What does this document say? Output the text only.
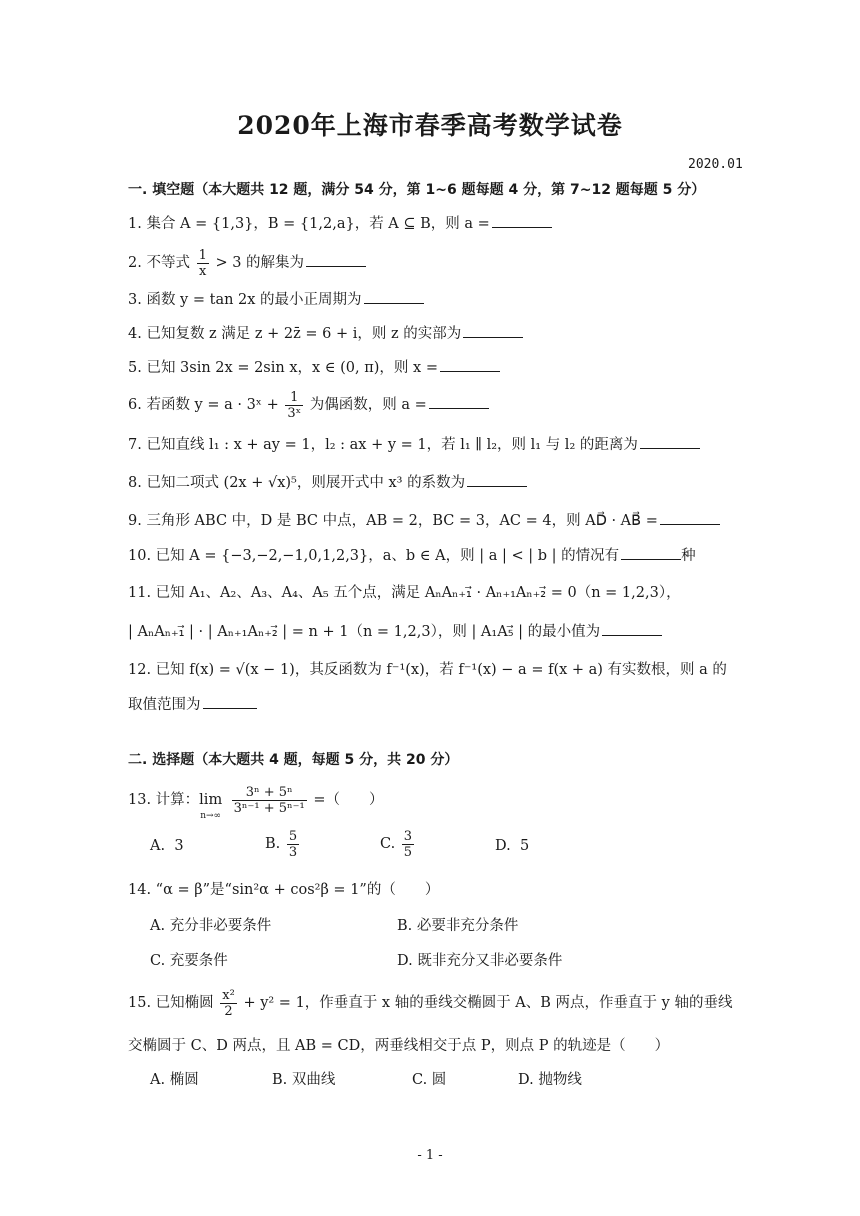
2020年上海市春季高考数学试卷
2020.01
一. 填空题（本大题共 12 题，满分 54 分，第 1~6 题每题 4 分，第 7~12 题每题 5 分）
1. 集合 A = {1,3}，B = {1,2,a}，若 A ⊆ B，则 a =
2. 不等式 $\frac{1}{x} > 3$ 的解集为
3. 函数 y = tan 2x 的最小正周期为
4. 已知复数 z 满足 z + 2z̄ = 6 + i，则 z 的实部为
5. 已知 3sin 2x = 2sin x，x ∈ (0, π)，则 x =
6. 若函数 y = a · 3ˣ + $\frac{1}{\text{3ˣ}}$ 为偶函数，则 a =
7. 已知直线 l₁ : x + ay = 1，l₂ : ax + y = 1，若 l₁ ∥ l₂，则 l₁ 与 l₂ 的距离为
8. 已知二项式 (2x + √x)⁵，则展开式中 x³ 的系数为
9. 三角形 ABC 中，D 是 BC 中点，AB = 2，BC = 3，AC = 4，则 AD⃗ · AB⃗ =
10. 已知 A = {−3,−2,−1,0,1,2,3}，a、b ∈ A，则 | a | < | b | 的情况有	种
11. 已知 A₁、A₂、A₃、A₄、A₅ 五个点，满足 AₙAₙ₊₁⃗ · Aₙ₊₁Aₙ₊₂⃗ = 0（n = 1,2,3），
| AₙAₙ₊₁⃗ | · | Aₙ₊₁Aₙ₊₂⃗ | = n + 1（n = 1,2,3），则 | A₁A₅⃗ | 的最小值为
12. 已知 f(x) = √(x − 1)，其反函数为 f⁻¹(x)，若 f⁻¹(x) − a = f(x + a) 有实数根，则 a 的
取值范围为
二. 选择题（本大题共 4 题，每题 5 分，共 20 分）
13. 计算：limn→∞
$\frac{\text{3ⁿ + 5ⁿ}}{\text{3ⁿ⁻¹ + 5ⁿ⁻¹}}$ =（　　）
A. 3	B. $\frac{5}{3}$	C. $\frac{3}{5}$	D. 5
14. “α = β”是“sin²α + cos²β = 1”的（　　）
A. 充分非必要条件	B. 必要非充分条件
C. 充要条件	D. 既非充分又非必要条件
15. 已知椭圆 $\frac{\text{x²}}{2} + y^2 = 1$，作垂直于 x 轴的垂线交椭圆于 A、B 两点，作垂直于 y 轴的垂线
交椭圆于 C、D 两点，且 AB = CD，两垂线相交于点 P，则点 P 的轨迹是（　　）
A. 椭圆	B. 双曲线	C. 圆	D. 抛物线
- 1 -
